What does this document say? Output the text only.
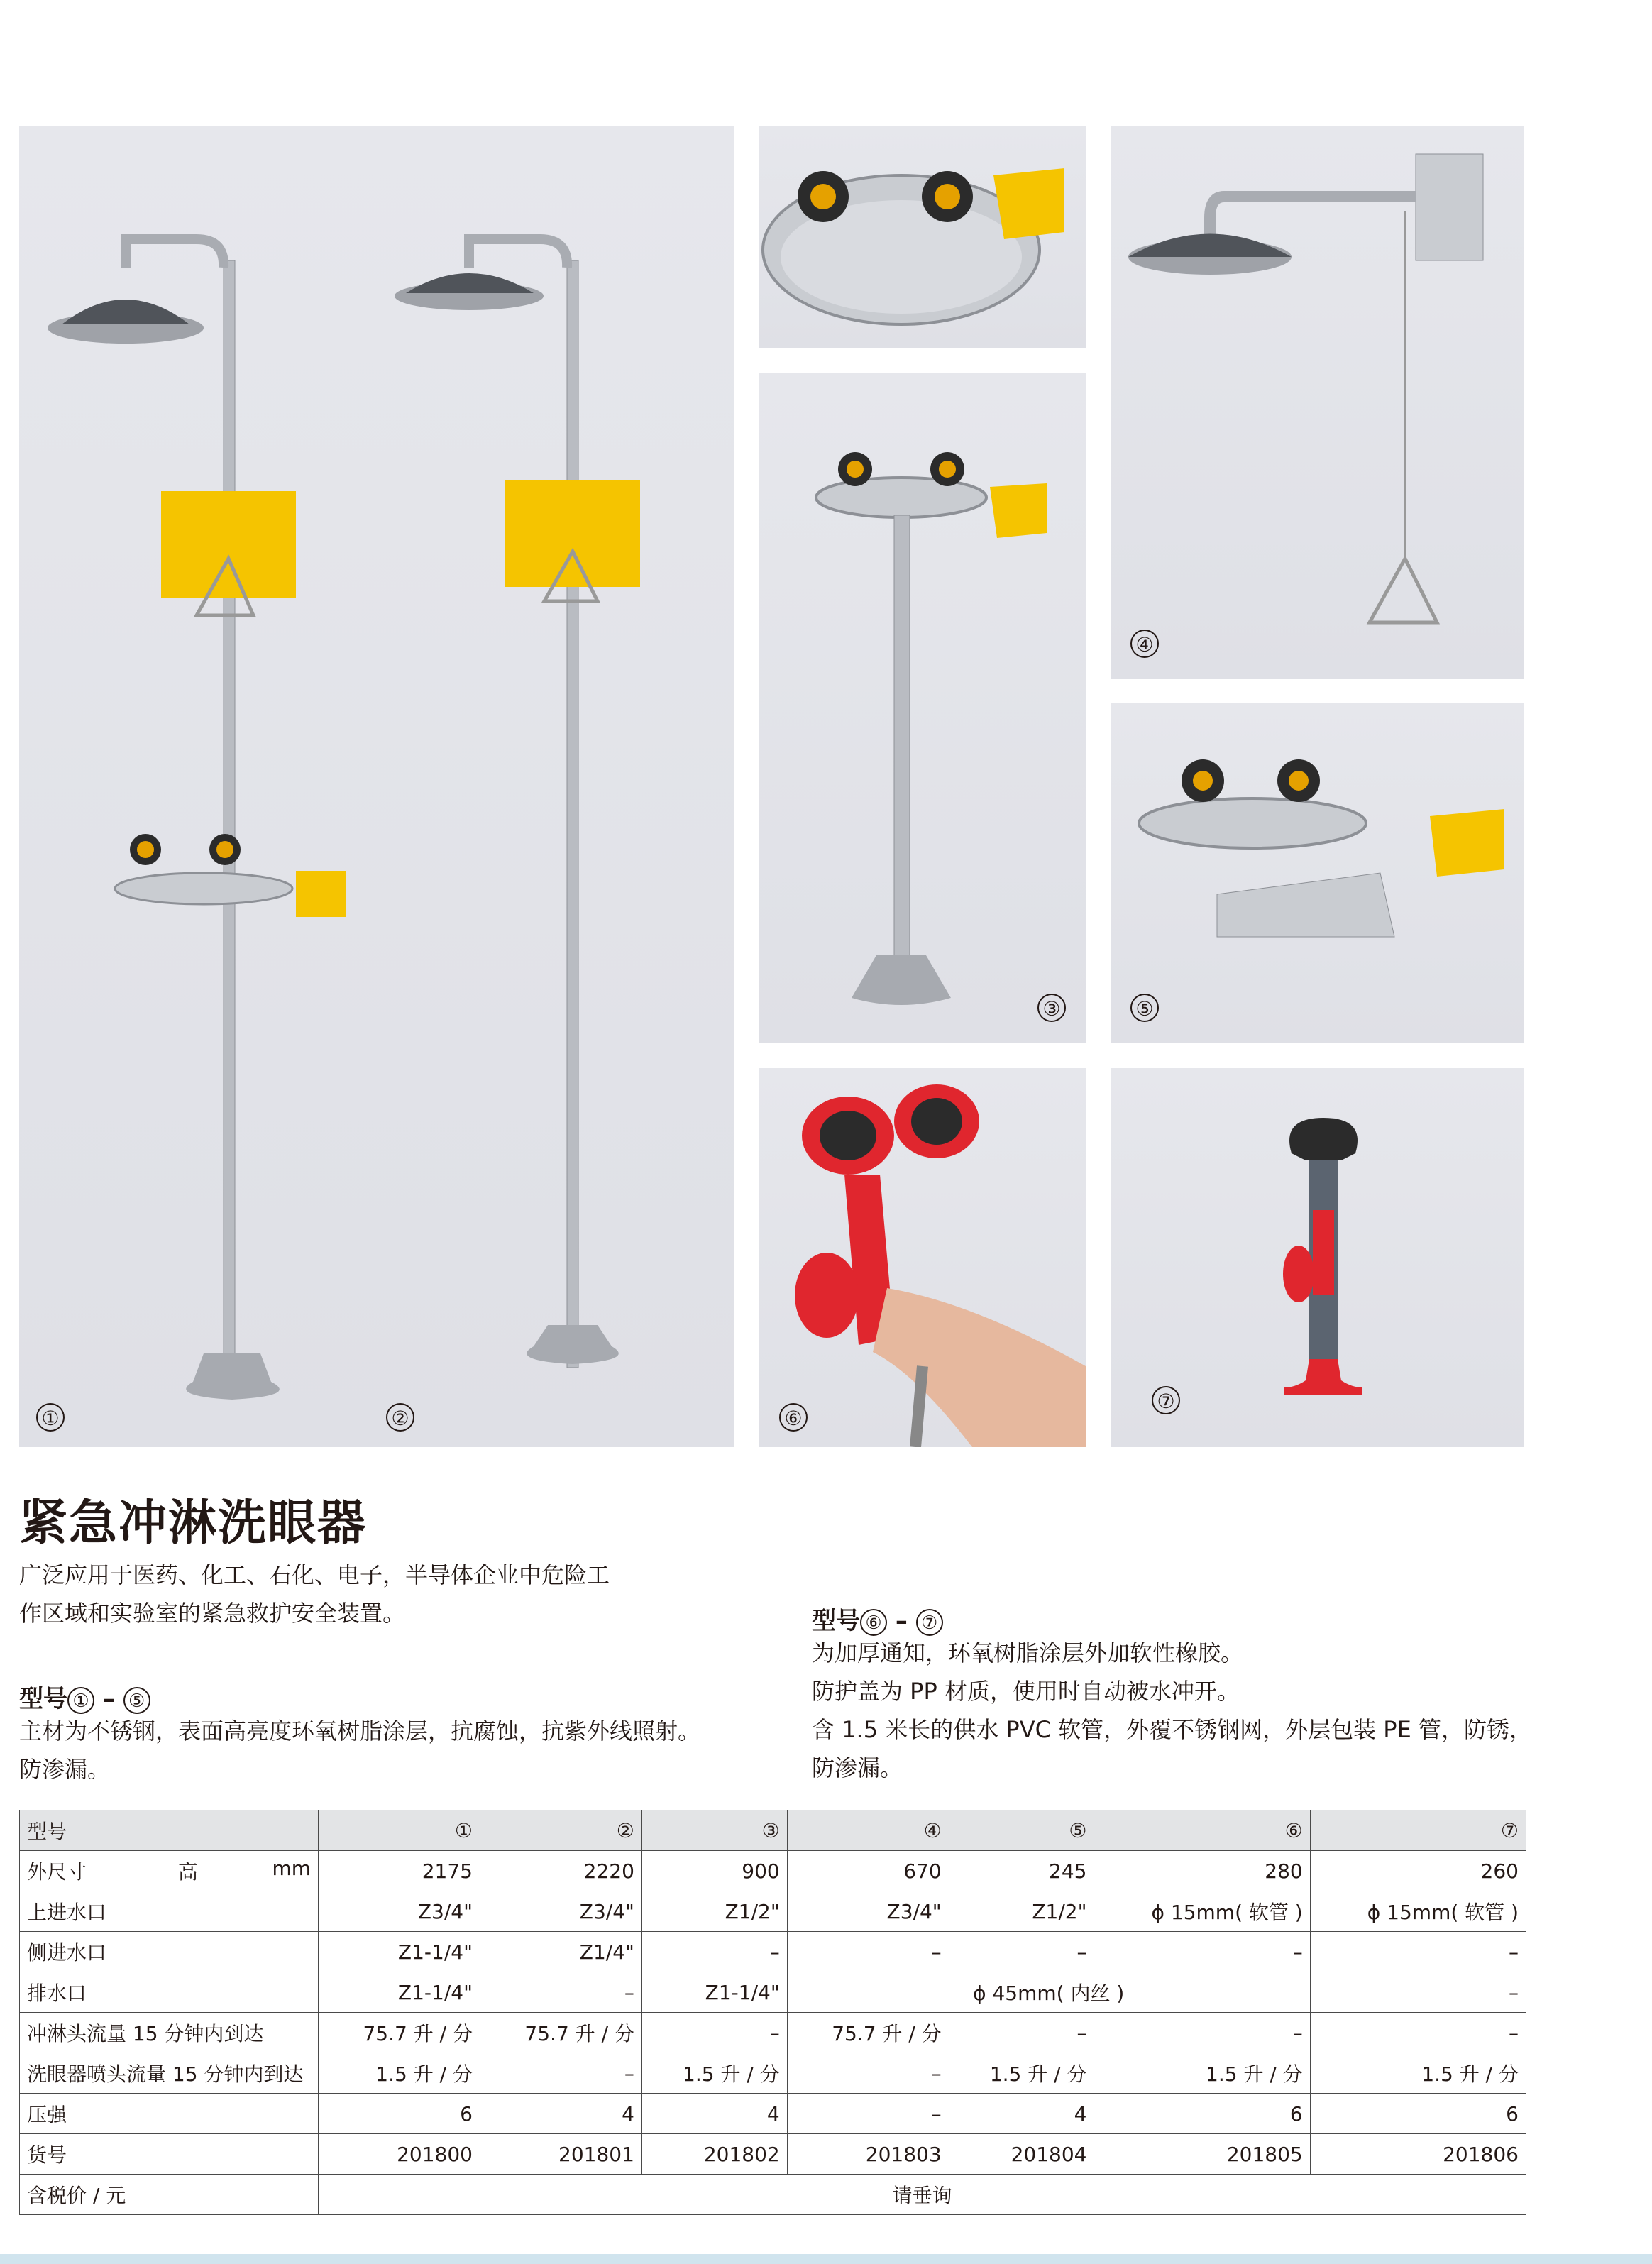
①	②
④
③	⑤
⑥
⑦
紧急冲淋洗眼器
广泛应用于医药、化工、石化、电子，半导体企业中危险工
作区域和实验室的紧急救护安全装置。
型号 ① – ⑤
主材为不锈钢，表面高亮度环氧树脂涂层，抗腐蚀，抗紫外线照射。
防渗漏。
型号 ⑥ – ⑦
为加厚通知，环氧树脂涂层外加软性橡胶。
防护盖为 PP 材质，使用时自动被水冲开。
含 1.5 米长的供水 PVC 软管，外覆不锈钢网，外层包装 PE 管，防锈，
防渗漏。
型号	①	②	③	④	⑤	⑥	⑦
外尺寸 高 mm	2175	2220	900	670	245	280	260
上进水口	Z3/4"	Z3/4"	Z1/2"	Z3/4"	Z1/2"	ϕ 15mm( 软管 )	ϕ 15mm( 软管 )
侧进水口	Z1-1/4"	Z1/4"	–	–	–	–	–
排水口	Z1-1/4"	–	Z1-1/4"	ϕ 45mm( 内丝 )			–
冲淋头流量 15 分钟内到达	75.7 升 / 分	75.7 升 / 分	–	75.7 升 / 分	–	–	–
洗眼器喷头流量 15 分钟内到达	1.5 升 / 分	–	1.5 升 / 分	–	1.5 升 / 分	1.5 升 / 分	1.5 升 / 分
压强	6	4	4	–	4	6	6
货号	201800	201801	201802	201803	201804	201805	201806
含税价 / 元	请垂询						
